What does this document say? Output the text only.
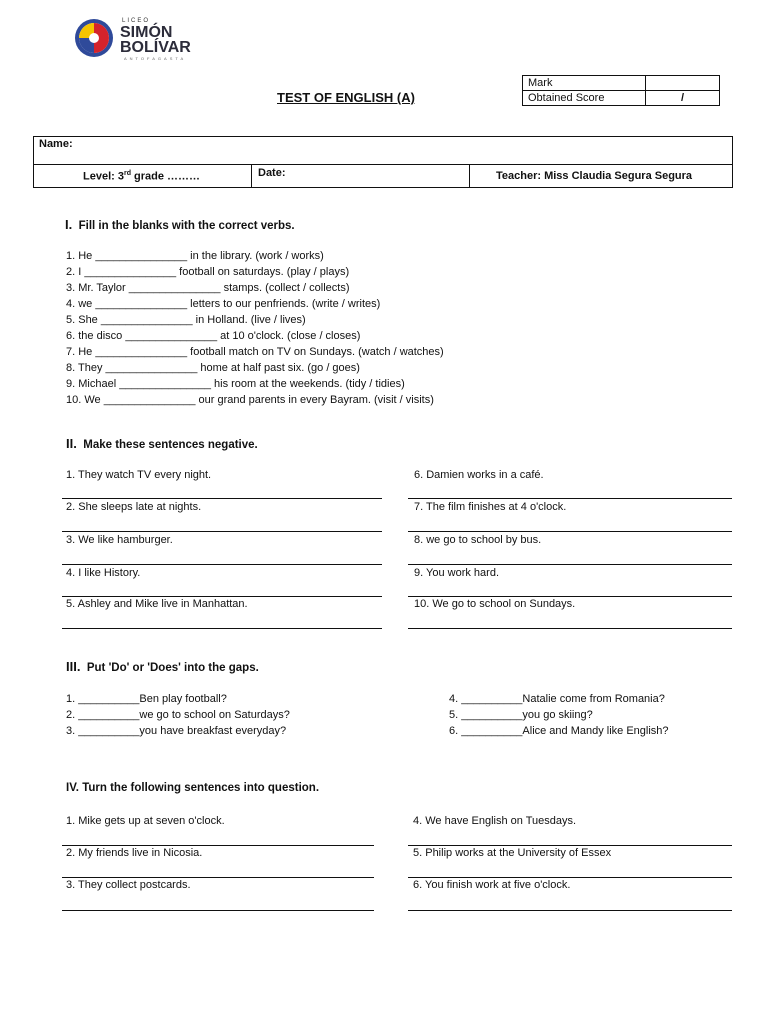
LICEO
SIMÓN
BOLÍVAR
ANTOFAGASTA
TEST OF ENGLISH (A)
Mark	
Obtained Score	/
Name:
Level: 3rd grade ………	Date:	Teacher: Miss Claudia Segura Segura
I. Fill in the blanks with the correct verbs.
1. He _______________ in the library. (work / works)
2. I _______________ football on saturdays. (play / plays)
3. Mr. Taylor _______________ stamps. (collect / collects)
4. we _______________ letters to our penfriends. (write / writes)
5. She _______________ in Holland. (live / lives)
6. the disco _______________ at 10 o'clock. (close / closes)
7. He _______________ football match on TV on Sundays. (watch / watches)
8. They _______________ home at half past six. (go / goes)
9. Michael _______________ his room at the weekends. (tidy / tidies)
10. We _______________ our grand parents in every Bayram. (visit / visits)
II. Make these sentences negative.
1. They watch TV every night.
2. She sleeps late at nights.
3. We like hamburger.
4. I like History.
5. Ashley and Mike live in Manhattan.
6. Damien works in a café.
7. The film finishes at 4 o'clock.
8. we go to school by bus.
9. You work hard.
10. We go to school on Sundays.
III. Put 'Do' or 'Does' into the gaps.
1. __________Ben play football?
2. __________we go to school on Saturdays?
3. __________you have breakfast everyday?
4. __________Natalie come from Romania?
5. __________you go skiing?
6. __________Alice and Mandy like English?
IV. Turn the following sentences into question.
1. Mike gets up at seven o'clock.
2. My friends live in Nicosia.
3. They collect postcards.
4. We have English on Tuesdays.
5. Philip works at the University of Essex
6. You finish work at five o'clock.
